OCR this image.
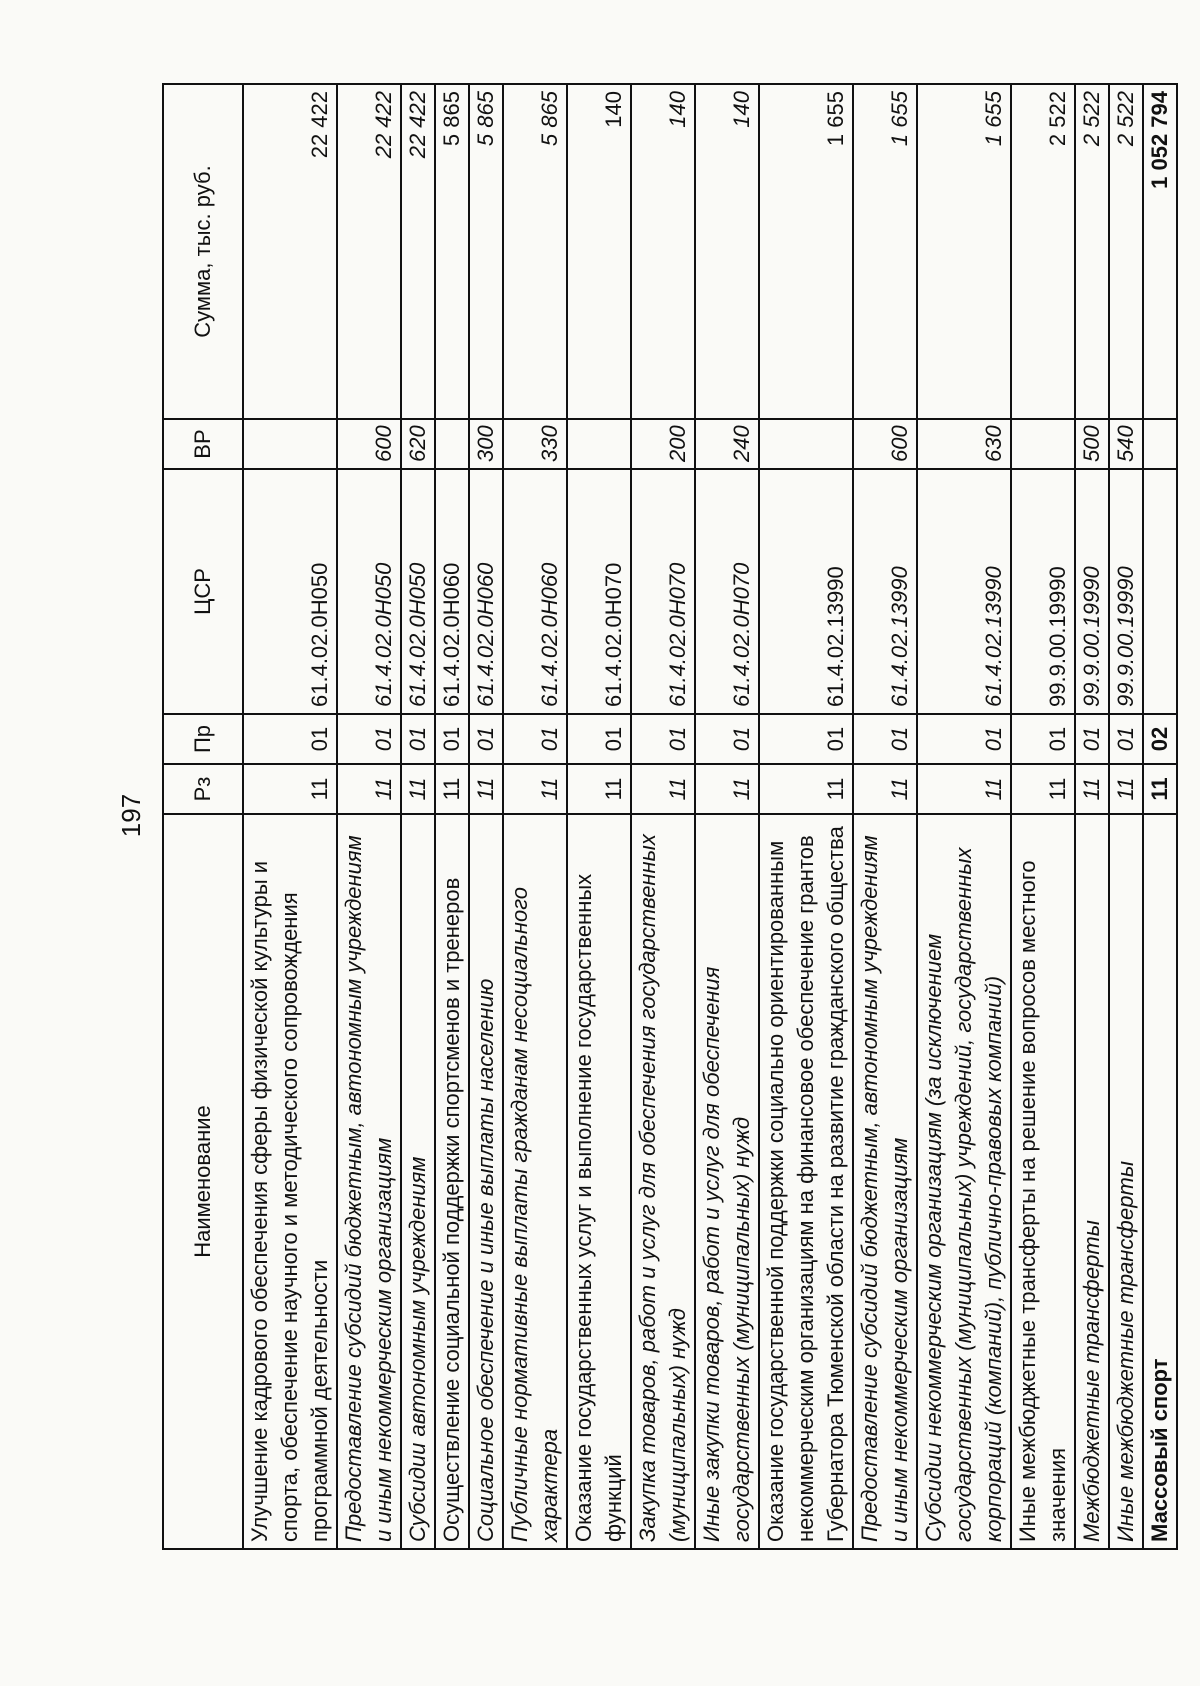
197
Наименование	Рз	Пр	ЦСР	ВР	Сумма, тыс. руб.
Улучшение кадрового обеспечения сферы физической культуры и спорта, обеспечение научного и методического сопровождения программной деятельности	11	01	61.4.02.0Н050		22 422
Предоставление субсидий бюджетным, автономным учреждениям и иным некоммерческим организациям	11	01	61.4.02.0Н050	600	22 422
Субсидии автономным учреждениям	11	01	61.4.02.0Н050	620	22 422
Осуществление социальной поддержки спортсменов и тренеров	11	01	61.4.02.0Н060		5 865
Социальное обеспечение и иные выплаты населению	11	01	61.4.02.0Н060	300	5 865
Публичные нормативные выплаты гражданам несоциального характера	11	01	61.4.02.0Н060	330	5 865
Оказание государственных услуг и выполнение государственных функций	11	01	61.4.02.0Н070		140
Закупка товаров, работ и услуг для обеспечения государственных (муниципальных) нужд	11	01	61.4.02.0Н070	200	140
Иные закупки товаров, работ и услуг для обеспечения государственных (муниципальных) нужд	11	01	61.4.02.0Н070	240	140
Оказание государственной поддержки социально ориентированным некоммерческим организациям на финансовое обеспечение грантов Губернатора Тюменской области на развитие гражданского общества	11	01	61.4.02.13990		1 655
Предоставление субсидий бюджетным, автономным учреждениям и иным некоммерческим организациям	11	01	61.4.02.13990	600	1 655
Субсидии некоммерческим организациям (за исключением государственных (муниципальных) учреждений, государственных корпораций (компаний), публично-правовых компаний)	11	01	61.4.02.13990	630	1 655
Иные межбюджетные трансферты на решение вопросов местного значения	11	01	99.9.00.19990		2 522
Межбюджетные трансферты	11	01	99.9.00.19990	500	2 522
Иные межбюджетные трансферты	11	01	99.9.00.19990	540	2 522
Массовый спорт	11	02			1 052 794
